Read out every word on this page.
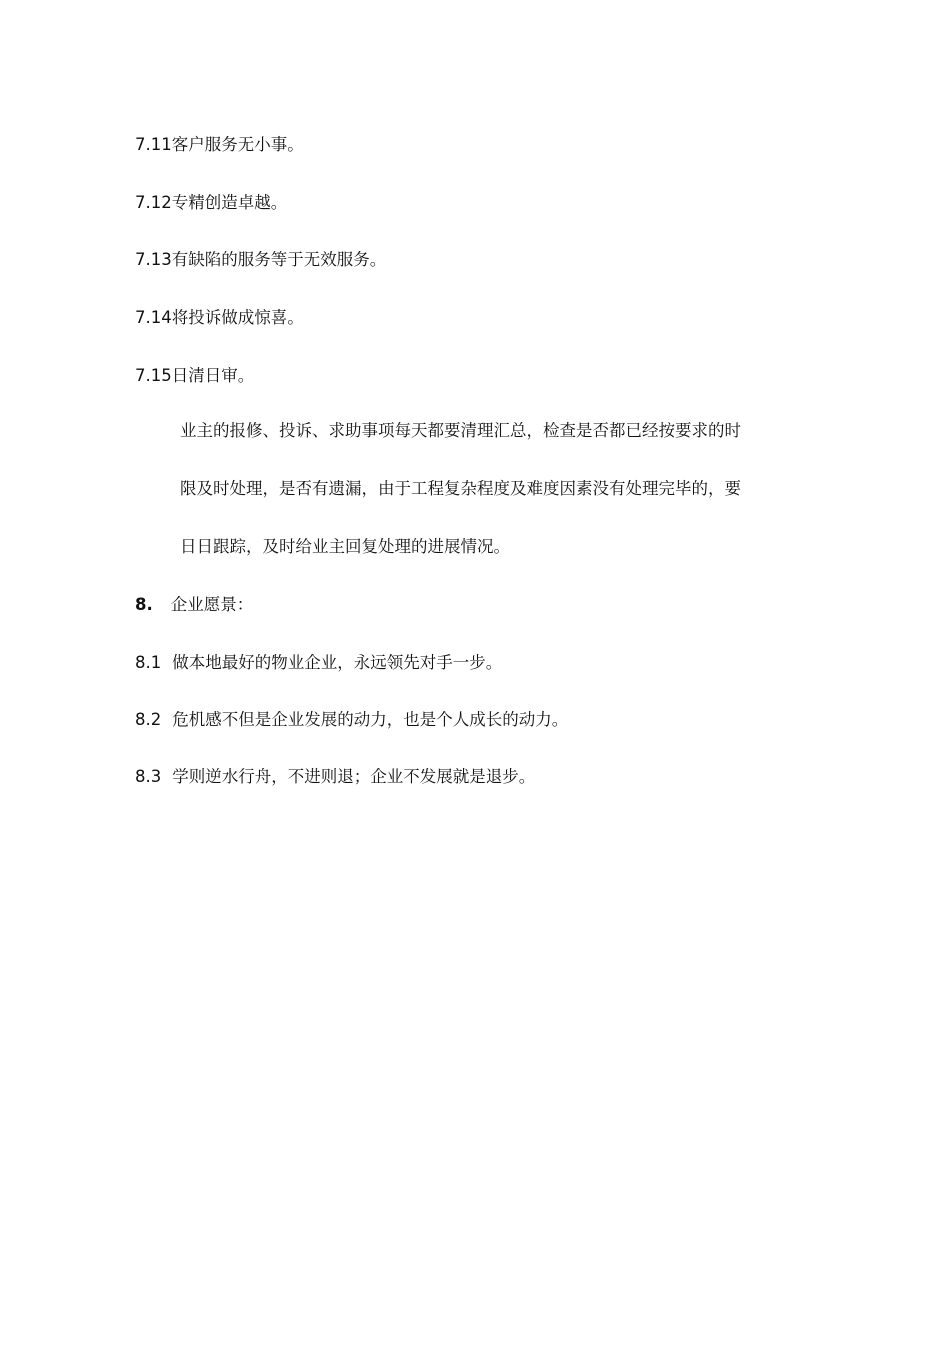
7.11客户服务无小事。
7.12专精创造卓越。
7.13有缺陷的服务等于无效服务。
7.14将投诉做成惊喜。
7.15日清日审。
业主的报修、投诉、求助事项每天都要清理汇总，检查是否都已经按要求的时
限及时处理，是否有遗漏，由于工程复杂程度及难度因素没有处理完毕的，要
日日跟踪，及时给业主回复处理的进展情况。
8. 企业愿景：
8.1 做本地最好的物业企业，永远领先对手一步。
8.2 危机感不但是企业发展的动力，也是个人成长的动力。
8.3 学则逆水行舟，不进则退；企业不发展就是退步。
